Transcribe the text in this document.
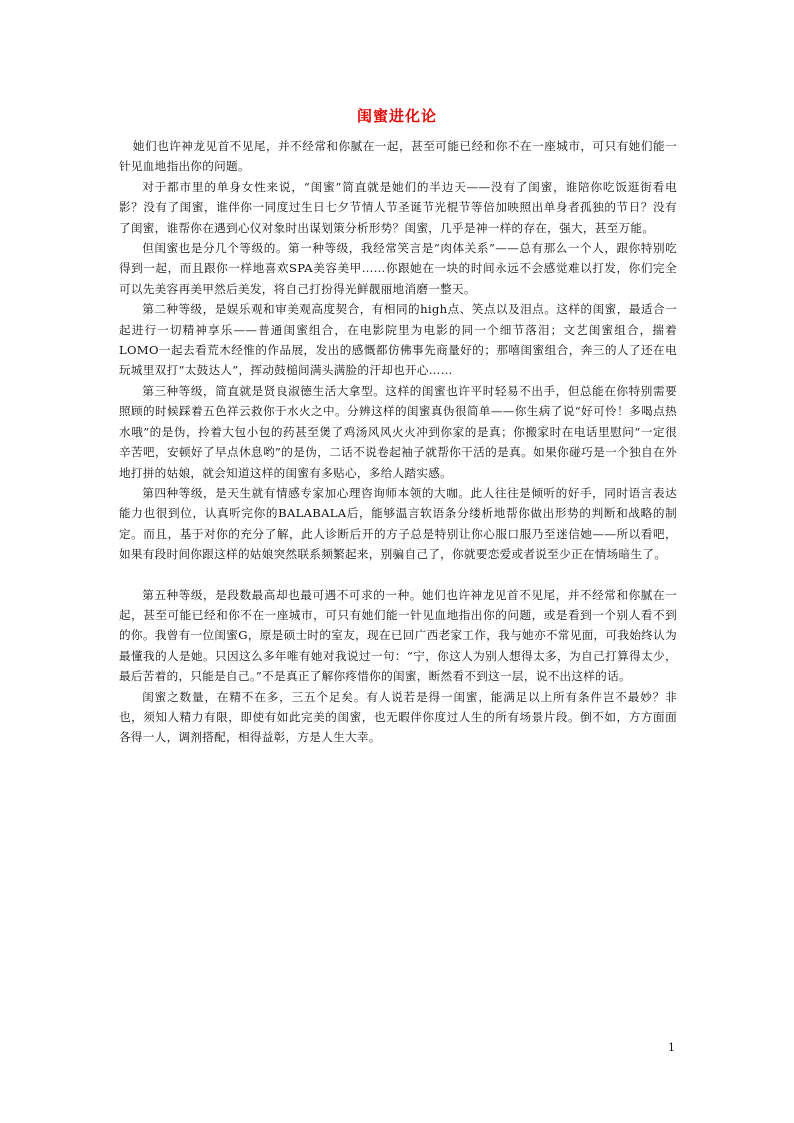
闺蜜进化论

她们也许神龙见首不见尾，并不经常和你腻在一起，甚至可能已经和你不在一座城市，可只有她们能一针见血地指出你的问题。

对于都市里的单身女性来说，“闺蜜”简直就是她们的半边天——没有了闺蜜，谁陪你吃饭逛街看电影？没有了闺蜜，谁伴你一同度过生日七夕节情人节圣诞节光棍节等倍加映照出单身者孤独的节日？没有了闺蜜，谁帮你在遇到心仪对象时出谋划策分析形势？闺蜜，几乎是神一样的存在，强大，甚至万能。

但闺蜜也是分几个等级的。第一种等级，我经常笑言是“肉体关系”——总有那么一个人，跟你特别吃得到一起，而且跟你一样地喜欢SPA美容美甲……你跟她在一块的时间永远不会感觉难以打发，你们完全可以先美容再美甲然后美发，将自己打扮得光鲜靓丽地消磨一整天。

第二种等级，是娱乐观和审美观高度契合，有相同的high点、笑点以及泪点。这样的闺蜜，最适合一起进行一切精神享乐——普通闺蜜组合，在电影院里为电影的同一个细节落泪；文艺闺蜜组合，揣着LOMO一起去看荒木经惟的作品展，发出的感慨都仿佛事先商量好的；那嘻闺蜜组合，奔三的人了还在电玩城里双打“太鼓达人”，挥动鼓槌间满头满脸的汗却也开心……

第三种等级，简直就是贤良淑德生活大拿型。这样的闺蜜也许平时轻易不出手，但总能在你特别需要照顾的时候踩着五色祥云救你于水火之中。分辨这样的闺蜜真伪很简单——你生病了说“好可怜！多喝点热水哦”的是伪，拎着大包小包的药甚至煲了鸡汤风风火火冲到你家的是真；你搬家时在电话里慰问“一定很辛苦吧，安顿好了早点休息哟”的是伪，二话不说卷起袖子就帮你干活的是真。如果你碰巧是一个独自在外地打拼的姑娘，就会知道这样的闺蜜有多贴心，多给人踏实感。

第四种等级，是天生就有情感专家加心理咨询师本领的大咖。此人往往是倾听的好手，同时语言表达能力也很到位，认真听完你的BALABALA后，能够温言软语条分缕析地帮你做出形势的判断和战略的制定。而且，基于对你的充分了解，此人诊断后开的方子总是特别让你心服口服乃至迷信她——所以看吧，如果有段时间你跟这样的姑娘突然联系频繁起来，别骗自己了，你就要恋爱或者说至少正在情场暗生了。

第五种等级，是段数最高却也最可遇不可求的一种。她们也许神龙见首不见尾，并不经常和你腻在一起，甚至可能已经和你不在一座城市，可只有她们能一针见血地指出你的问题，或是看到一个别人看不到的你。我曾有一位闺蜜G，原是硕士时的室友，现在已回广西老家工作，我与她亦不常见面，可我始终认为最懂我的人是她。只因这么多年唯有她对我说过一句：“宁，你这人为别人想得太多，为自己打算得太少，最后苦着的，只能是自己。”不是真正了解你疼惜你的闺蜜，断然看不到这一层，说不出这样的话。

闺蜜之数量，在精不在多，三五个足矣。有人说若是得一闺蜜，能满足以上所有条件岂不最妙？非也，须知人精力有限，即使有如此完美的闺蜜，也无暇伴你度过人生的所有场景片段。倒不如，方方面面各得一人，调剂搭配，相得益彰，方是人生大幸。

1
